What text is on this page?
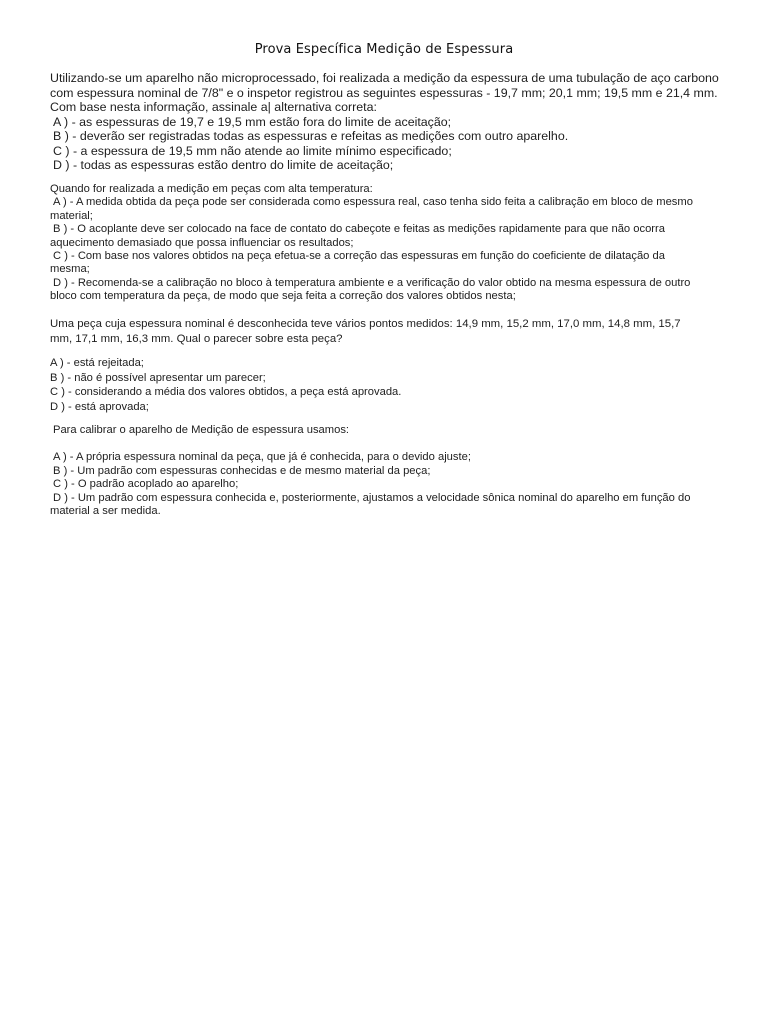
Prova Específica Medição de Espessura
Utilizando-se um aparelho não microprocessado, foi realizada a medição da espessura de uma tubulação de aço carbono
com espessura nominal de 7/8" e o inspetor registrou as seguintes espessuras - 19,7 mm; 20,1 mm; 19,5 mm e 21,4 mm.
Com base nesta informação, assinale a| alternativa correta:
A ) - as espessuras de 19,7 e 19,5 mm estão fora do limite de aceitação;
B ) - deverão ser registradas todas as espessuras e refeitas as medições com outro aparelho.
C ) - a espessura de 19,5 mm não atende ao limite mínimo especificado;
D ) - todas as espessuras estão dentro do limite de aceitação;
Quando for realizada a medição em peças com alta temperatura:
A ) - A medida obtida da peça pode ser considerada como espessura real, caso tenha sido feita a calibração em bloco de mesmo
material;
B ) - O acoplante deve ser colocado na face de contato do cabeçote e feitas as medições rapidamente para que não ocorra
aquecimento demasiado que possa influenciar os resultados;
C ) - Com base nos valores obtidos na peça efetua-se a correção das espessuras em função do coeficiente de dilatação da
mesma;
D ) - Recomenda-se a calibração no bloco à temperatura ambiente e a verificação do valor obtido na mesma espessura de outro
bloco com temperatura da peça, de modo que seja feita a correção dos valores obtidos nesta;
Uma peça cuja espessura nominal é desconhecida teve vários pontos medidos: 14,9 mm, 15,2 mm, 17,0 mm, 14,8 mm, 15,7
mm, 17,1 mm, 16,3 mm. Qual o parecer sobre esta peça?
A ) - está rejeitada;
B ) - não é possível apresentar um parecer;
C ) - considerando a média dos valores obtidos, a peça está aprovada.
D ) - está aprovada;
Para calibrar o aparelho de Medição de espessura usamos:
A ) - A própria espessura nominal da peça, que já é conhecida, para o devido ajuste;
B ) - Um padrão com espessuras conhecidas e de mesmo material da peça;
C ) - O padrão acoplado ao aparelho;
D ) - Um padrão com espessura conhecida e, posteriormente, ajustamos a velocidade sônica nominal do aparelho em função do
material a ser medida.
